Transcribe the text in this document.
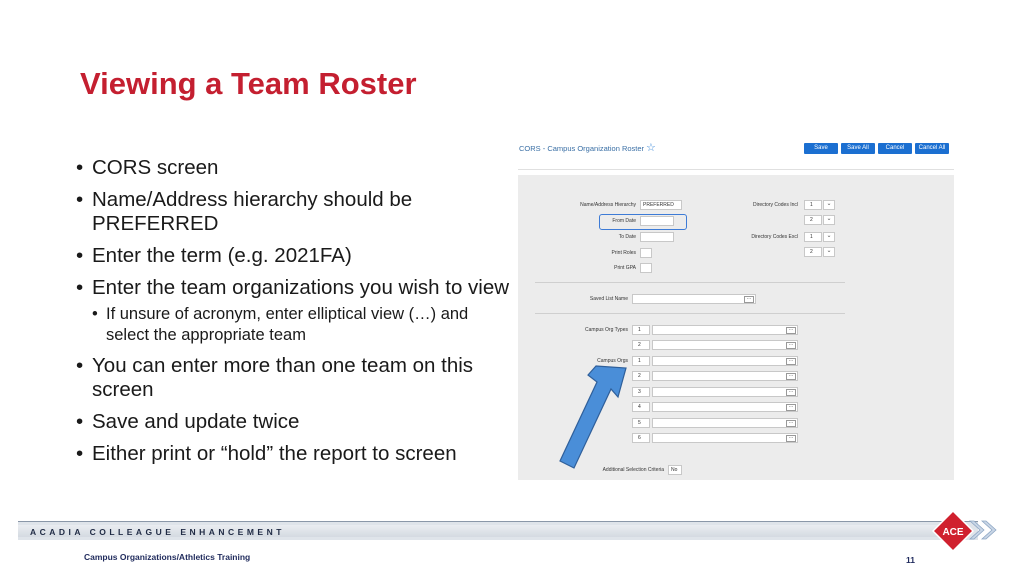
Viewing a Team Roster
• CORS screen
• Name/Address hierarchy should be PREFERRED
• Enter the term (e.g. 2021FA)
• Enter the team organizations you wish to view
• If unsure of acronym, enter elliptical view (…) and select the appropriate team
• You can enter more than one team on this screen
• Save and update twice
• Either print or “hold” the report to screen
CORS - Campus Organization Roster ☆	Save	Save All	Cancel	Cancel All
Name/Address Hierarchy	PREFERRED
From Date
To Date
Print Roles
Print GPA
Directory Codes Incl	1	⌄
2	⌄
Directory Codes Excl	1	⌄
2	⌄
Saved List Name	…
Campus Org Types	1	…
2	…
Campus Orgs	1	…
2	…
3	…
4	…
5	…
6	…
Additional Selection Criteria	No
ACADIA COLLEAGUE ENHANCEMENT	ACE
Campus Organizations/Athletics Training	11
